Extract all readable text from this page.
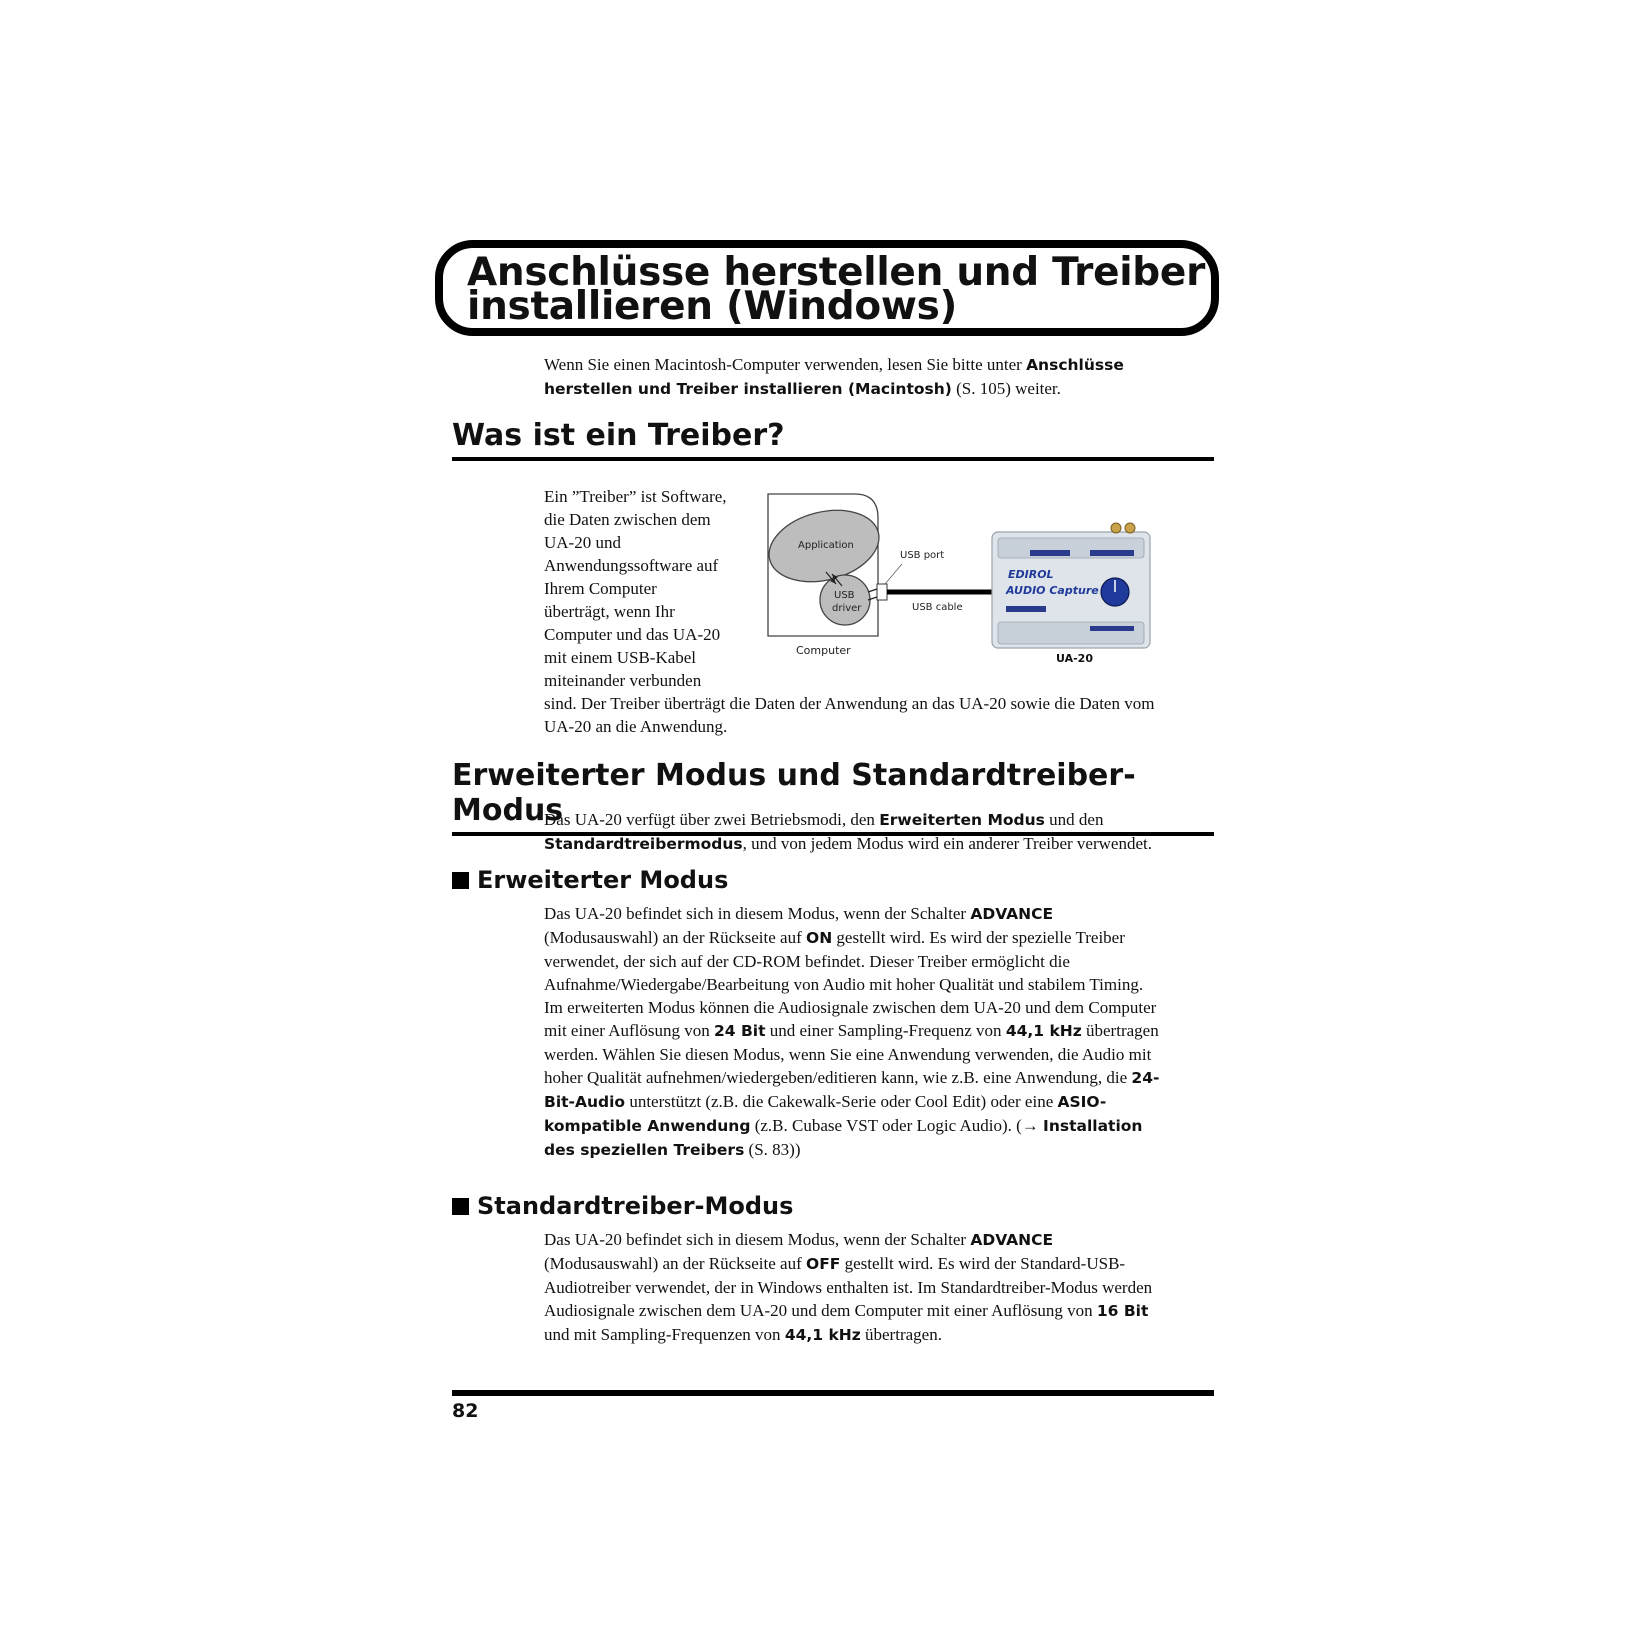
Anschlüsse herstellen und Treiber
installieren (Windows)
Wenn Sie einen Macintosh-Computer verwenden, lesen Sie bitte unter Anschlüsse herstellen und Treiber installieren (Macintosh) (S. 105) weiter.
Was ist ein Treiber?
Ein ”Treiber” ist Software,
die Daten zwischen dem
UA-20 und
Anwendungssoftware auf
Ihrem Computer
überträgt, wenn Ihr
Computer und das UA-20
mit einem USB-Kabel
miteinander verbunden
sind. Der Treiber überträgt die Daten der Anwendung an das UA-20 sowie die Daten vom UA-20 an die Anwendung.
Application
USB
driver
USB port
USB cable
Computer
EDIROL
AUDIO Capture
UA-20
Erweiterter Modus und Standardtreiber-Modus
Das UA-20 verfügt über zwei Betriebsmodi, den Erweiterten Modus und den Standardtreibermodus, und von jedem Modus wird ein anderer Treiber verwendet.
Erweiterter Modus
Das UA-20 befindet sich in diesem Modus, wenn der Schalter ADVANCE (Modusauswahl) an der Rückseite auf ON gestellt wird. Es wird der spezielle Treiber verwendet, der sich auf der CD-ROM befindet. Dieser Treiber ermöglicht die Aufnahme/Wiedergabe/Bearbeitung von Audio mit hoher Qualität und stabilem Timing. Im erweiterten Modus können die Audiosignale zwischen dem UA-20 und dem Computer mit einer Auflösung von 24 Bit und einer Sampling-Frequenz von 44,1 kHz übertragen werden. Wählen Sie diesen Modus, wenn Sie eine Anwendung verwenden, die Audio mit hoher Qualität aufnehmen/wiedergeben/editieren kann, wie z.B. eine Anwendung, die 24-Bit-Audio unterstützt (z.B. die Cakewalk-Serie oder Cool Edit) oder eine ASIO-kompatible Anwendung (z.B. Cubase VST oder Logic Audio). (→ Installation des speziellen Treibers (S. 83))
Standardtreiber-Modus
Das UA-20 befindet sich in diesem Modus, wenn der Schalter ADVANCE (Modusauswahl) an der Rückseite auf OFF gestellt wird. Es wird der Standard-USB-Audiotreiber verwendet, der in Windows enthalten ist. Im Standardtreiber-Modus werden Audiosignale zwischen dem UA-20 und dem Computer mit einer Auflösung von 16 Bit und mit Sampling-Frequenzen von 44,1 kHz übertragen.
82
